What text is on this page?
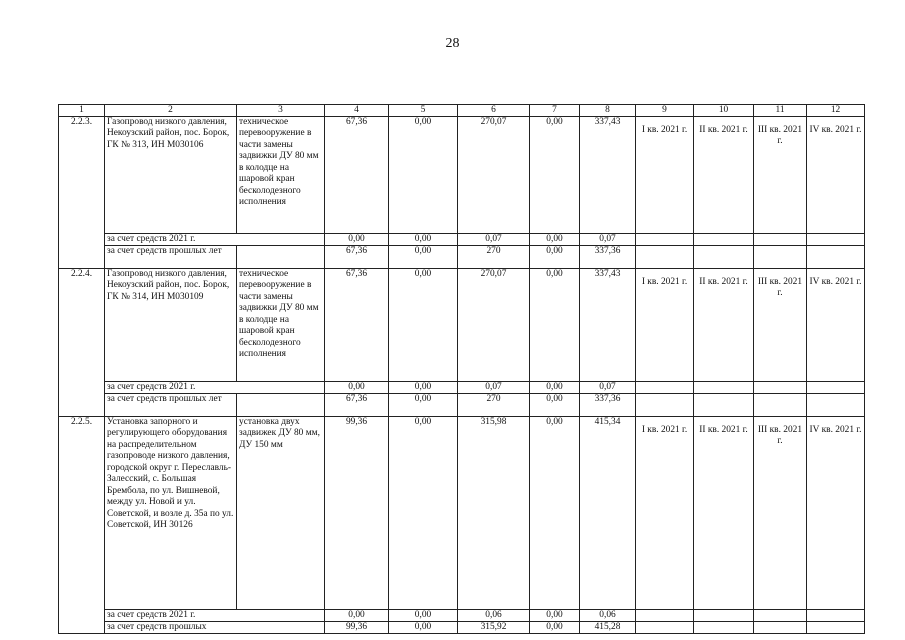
28
1	2	3	4	5	6	7	8	9	10	11	12
2.2.3.	Газопровод низкого давления, Некоузский район, пос. Борок, ГК № 313, ИН М030106	техническое перевооружение в части замены задвижки ДУ 80 мм в колодце на шаровой кран бесколодезного исполнения	67,36	0,00	270,07	0,00	337,43	I кв. 2021 г.	II кв. 2021 г.	III кв. 2021 г.	IV кв. 2021 г.
	за счет средств 2021 г.		0,00	0,00	0,07	0,00	0,07				
	за счет средств прошлых лет		67,36	0,00	270	0,00	337,36				
2.2.4.	Газопровод низкого давления, Некоузский район, пос. Борок, ГК № 314, ИН М030109	техническое перевооружение в части замены задвижки ДУ 80 мм в колодце на шаровой кран бесколодезного исполнения	67,36	0,00	270,07	0,00	337,43	I кв. 2021 г.	II кв. 2021 г.	III кв. 2021 г.	IV кв. 2021 г.
	за счет средств 2021 г.		0,00	0,00	0,07	0,00	0,07				
	за счет средств прошлых лет		67,36	0,00	270	0,00	337,36				
2.2.5.	Установка запорного и регулирующего оборудования на распределительном газопроводе низкого давления, городской округ г. Переславль-Залесский, с. Большая Брембола, по ул. Вишневой, между ул. Новой и ул. Советской, и возле д. 35а по ул. Советской, ИН 30126	установка двух задвижек ДУ 80 мм, ДУ 150 мм	99,36	0,00	315,98	0,00	415,34	I кв. 2021 г.	II кв. 2021 г.	III кв. 2021 г.	IV кв. 2021 г.
	за счет средств 2021 г.		0,00	0,00	0,06	0,00	0,06				
	за счет средств прошлых		99,36	0,00	315,92	0,00	415,28				
